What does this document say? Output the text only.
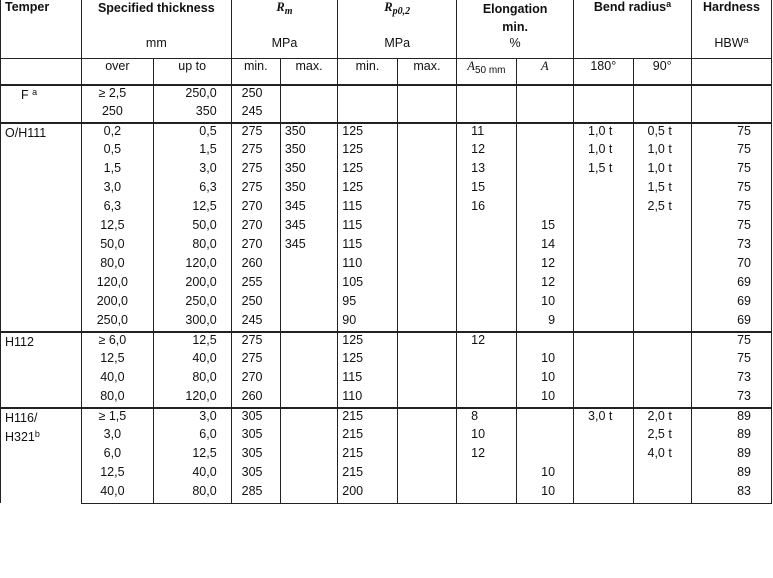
Temper	Specified thickness		$R_m$		$R_{p0,2}$		Elongation
min.		Bend radius$^a$		Hardness
	mm		MPa		MPa		%				HBW$^a$
	over	up to	min.	max.	min.	max.	$A_{50 mm}$	A	180°	90°	
F $^a$	≥ 2,5	250,0	250								
	250	350	245								
O/H111	0,2	0,5	275	350	125		11		1,0 t	0,5 t	75
	0,5	1,5	275	350	125		12		1,0 t	1,0 t	75
	1,5	3,0	275	350	125		13		1,5 t	1,0 t	75
	3,0	6,3	275	350	125		15			1,5 t	75
	6,3	12,5	270	345	115		16			2,5 t	75
	12,5	50,0	270	345	115			15			75
	50,0	80,0	270	345	115			14			73
	80,0	120,0	260		110			12			70
	120,0	200,0	255		105			12			69
	200,0	250,0	250		95			10			69
	250,0	300,0	245		90			9			69
H112	≥ 6,0	12,5	275		125		12				75
	12,5	40,0	275		125			10			75
	40,0	80,0	270		115			10			73
	80,0	120,0	260		110			10			73
H116/
$H321^b$	≥ 1,5	3,0	305		215		8		3,0 t	2,0 t	89
	3,0	6,0	305		215		10			2,5 t	89
	6,0	12,5	305		215		12			4,0 t	89
	12,5	40,0	305		215			10			89
	40,0	80,0	285		200			10			83
